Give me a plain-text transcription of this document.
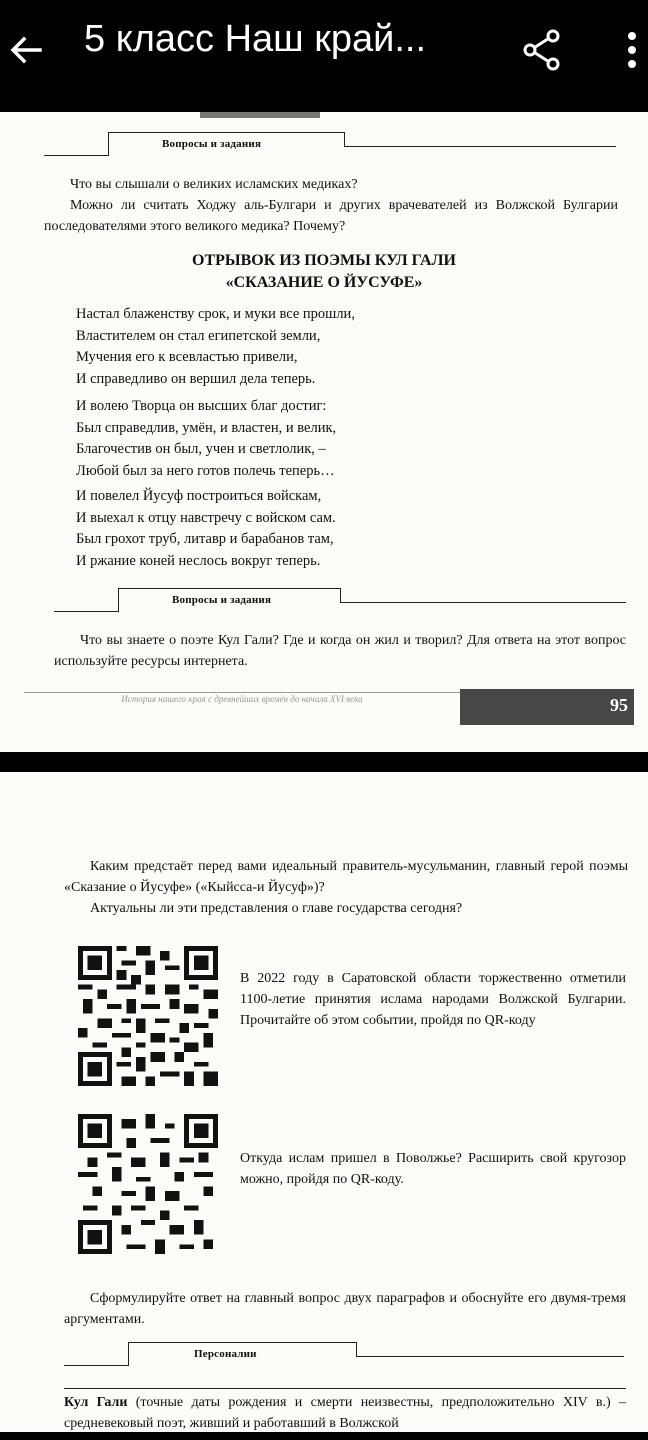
5 класс Наш край...
Вопросы и задания

Что вы слышали о великих исламских медиках?

Можно ли считать Ходжу аль-Булгари и других врачевателей из Волжской Булгарии последователями этого великого медика? Почему?

ОТРЫВОК ИЗ ПОЭМЫ КУЛ ГАЛИ
«СКАЗАНИЕ О ЙУСУФЕ»
Настал блаженству срок, и муки все прошли,
Властителем он стал египетской земли,
Мучения его к всевластью привели,
И справедливо он вершил дела теперь.
И волею Творца он высших благ достиг:
Был справедлив, умён, и властен, и велик,
Благочестив он был, учен и светлолик, –
Любой был за него готов полечь теперь…
И повелел Йусуф построиться войскам,
И выехал к отцу навстречу с войском сам.
Был грохот труб, литавр и барабанов там,
И ржание коней неслось вокруг теперь.
Вопросы и задания
Что вы знаете о поэте Кул Гали? Где и когда он жил и творил? Для ответа на этот вопрос используйте ресурсы интернета.
История нашего края с древнейших времён до начала XVI века	95

Каким предстаёт перед вами идеальный правитель-мусульманин, главный герой поэмы «Сказание о Йусуфе» («Кыйсса-и Йусуф»)?

Актуальны ли эти представления о главе государства сегодня?

В 2022 году в Саратовской области торжественно отметили 1100-летие принятия ислама народами Волжской Булгарии. Прочитайте об этом событии, пройдя по QR-коду
Откуда ислам пришел в Поволжье? Расширить свой кругозор можно, пройдя по QR-коду.
Сформулируйте ответ на главный вопрос двух параграфов и обоснуйте его двумя-тремя аргументами.
Персоналии
Кул Гали (точные даты рождения и смерти неизвестны, предположительно XIV в.) – средневековый поэт, живший и работавший в Волжской
